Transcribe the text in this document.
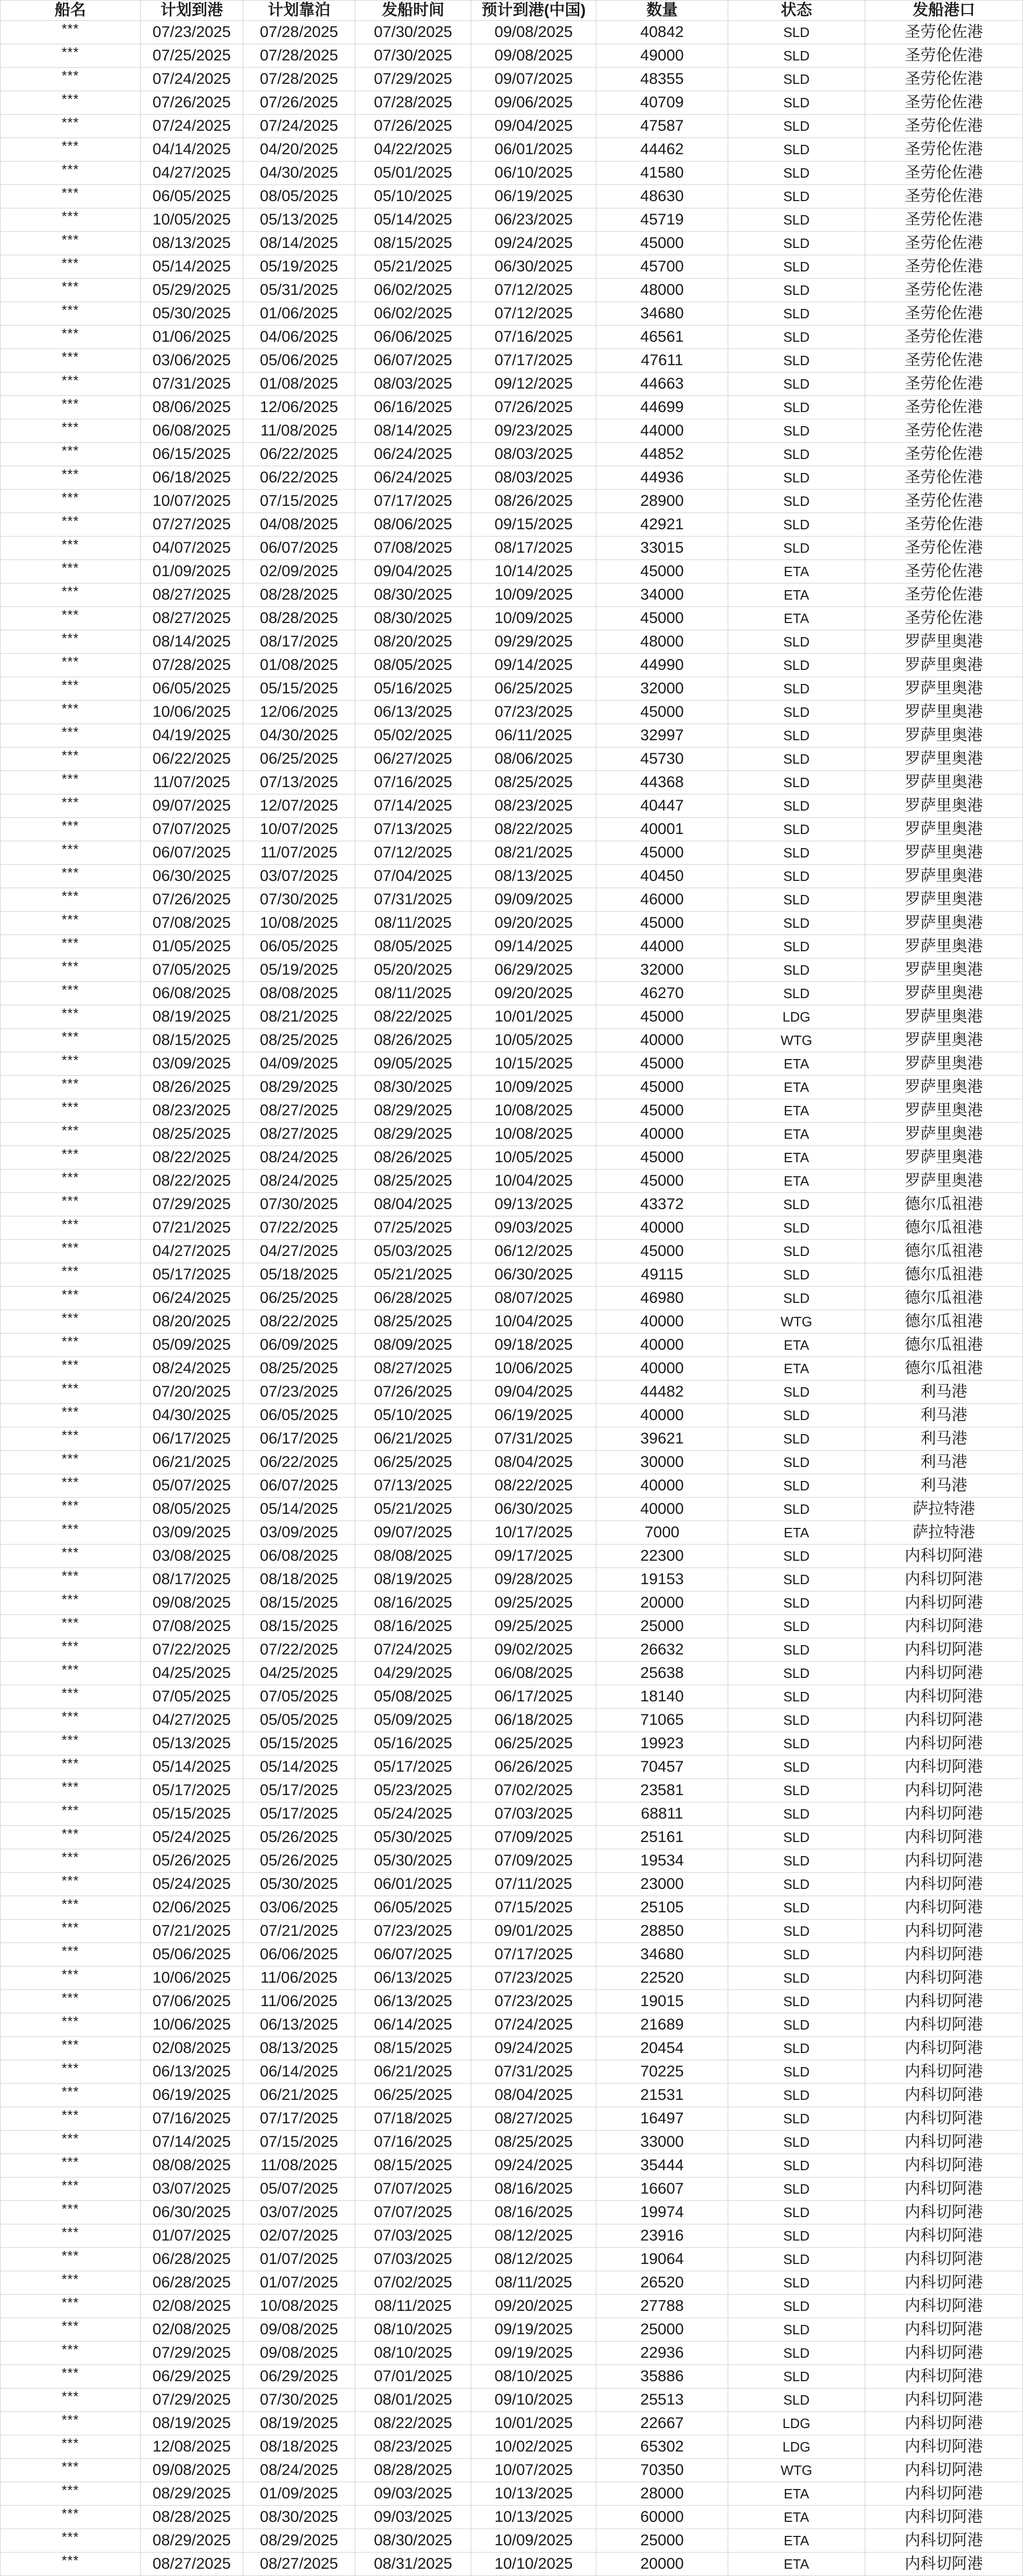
船名	计划到港	计划靠泊	发船时间	预计到港(中国)	数量	状态	发船港口
***	07/23/2025	07/28/2025	07/30/2025	09/08/2025	40842	SLD	圣劳伦佐港
***	07/25/2025	07/28/2025	07/30/2025	09/08/2025	49000	SLD	圣劳伦佐港
***	07/24/2025	07/28/2025	07/29/2025	09/07/2025	48355	SLD	圣劳伦佐港
***	07/26/2025	07/26/2025	07/28/2025	09/06/2025	40709	SLD	圣劳伦佐港
***	07/24/2025	07/24/2025	07/26/2025	09/04/2025	47587	SLD	圣劳伦佐港
***	04/14/2025	04/20/2025	04/22/2025	06/01/2025	44462	SLD	圣劳伦佐港
***	04/27/2025	04/30/2025	05/01/2025	06/10/2025	41580	SLD	圣劳伦佐港
***	06/05/2025	08/05/2025	05/10/2025	06/19/2025	48630	SLD	圣劳伦佐港
***	10/05/2025	05/13/2025	05/14/2025	06/23/2025	45719	SLD	圣劳伦佐港
***	08/13/2025	08/14/2025	08/15/2025	09/24/2025	45000	SLD	圣劳伦佐港
***	05/14/2025	05/19/2025	05/21/2025	06/30/2025	45700	SLD	圣劳伦佐港
***	05/29/2025	05/31/2025	06/02/2025	07/12/2025	48000	SLD	圣劳伦佐港
***	05/30/2025	01/06/2025	06/02/2025	07/12/2025	34680	SLD	圣劳伦佐港
***	01/06/2025	04/06/2025	06/06/2025	07/16/2025	46561	SLD	圣劳伦佐港
***	03/06/2025	05/06/2025	06/07/2025	07/17/2025	47611	SLD	圣劳伦佐港
***	07/31/2025	01/08/2025	08/03/2025	09/12/2025	44663	SLD	圣劳伦佐港
***	08/06/2025	12/06/2025	06/16/2025	07/26/2025	44699	SLD	圣劳伦佐港
***	06/08/2025	11/08/2025	08/14/2025	09/23/2025	44000	SLD	圣劳伦佐港
***	06/15/2025	06/22/2025	06/24/2025	08/03/2025	44852	SLD	圣劳伦佐港
***	06/18/2025	06/22/2025	06/24/2025	08/03/2025	44936	SLD	圣劳伦佐港
***	10/07/2025	07/15/2025	07/17/2025	08/26/2025	28900	SLD	圣劳伦佐港
***	07/27/2025	04/08/2025	08/06/2025	09/15/2025	42921	SLD	圣劳伦佐港
***	04/07/2025	06/07/2025	07/08/2025	08/17/2025	33015	SLD	圣劳伦佐港
***	01/09/2025	02/09/2025	09/04/2025	10/14/2025	45000	ETA	圣劳伦佐港
***	08/27/2025	08/28/2025	08/30/2025	10/09/2025	34000	ETA	圣劳伦佐港
***	08/27/2025	08/28/2025	08/30/2025	10/09/2025	45000	ETA	圣劳伦佐港
***	08/14/2025	08/17/2025	08/20/2025	09/29/2025	48000	SLD	罗萨里奥港
***	07/28/2025	01/08/2025	08/05/2025	09/14/2025	44990	SLD	罗萨里奥港
***	06/05/2025	05/15/2025	05/16/2025	06/25/2025	32000	SLD	罗萨里奥港
***	10/06/2025	12/06/2025	06/13/2025	07/23/2025	45000	SLD	罗萨里奥港
***	04/19/2025	04/30/2025	05/02/2025	06/11/2025	32997	SLD	罗萨里奥港
***	06/22/2025	06/25/2025	06/27/2025	08/06/2025	45730	SLD	罗萨里奥港
***	11/07/2025	07/13/2025	07/16/2025	08/25/2025	44368	SLD	罗萨里奥港
***	09/07/2025	12/07/2025	07/14/2025	08/23/2025	40447	SLD	罗萨里奥港
***	07/07/2025	10/07/2025	07/13/2025	08/22/2025	40001	SLD	罗萨里奥港
***	06/07/2025	11/07/2025	07/12/2025	08/21/2025	45000	SLD	罗萨里奥港
***	06/30/2025	03/07/2025	07/04/2025	08/13/2025	40450	SLD	罗萨里奥港
***	07/26/2025	07/30/2025	07/31/2025	09/09/2025	46000	SLD	罗萨里奥港
***	07/08/2025	10/08/2025	08/11/2025	09/20/2025	45000	SLD	罗萨里奥港
***	01/05/2025	06/05/2025	08/05/2025	09/14/2025	44000	SLD	罗萨里奥港
***	07/05/2025	05/19/2025	05/20/2025	06/29/2025	32000	SLD	罗萨里奥港
***	06/08/2025	08/08/2025	08/11/2025	09/20/2025	46270	SLD	罗萨里奥港
***	08/19/2025	08/21/2025	08/22/2025	10/01/2025	45000	LDG	罗萨里奥港
***	08/15/2025	08/25/2025	08/26/2025	10/05/2025	40000	WTG	罗萨里奥港
***	03/09/2025	04/09/2025	09/05/2025	10/15/2025	45000	ETA	罗萨里奥港
***	08/26/2025	08/29/2025	08/30/2025	10/09/2025	45000	ETA	罗萨里奥港
***	08/23/2025	08/27/2025	08/29/2025	10/08/2025	45000	ETA	罗萨里奥港
***	08/25/2025	08/27/2025	08/29/2025	10/08/2025	40000	ETA	罗萨里奥港
***	08/22/2025	08/24/2025	08/26/2025	10/05/2025	45000	ETA	罗萨里奥港
***	08/22/2025	08/24/2025	08/25/2025	10/04/2025	45000	ETA	罗萨里奥港
***	07/29/2025	07/30/2025	08/04/2025	09/13/2025	43372	SLD	德尔瓜祖港
***	07/21/2025	07/22/2025	07/25/2025	09/03/2025	40000	SLD	德尔瓜祖港
***	04/27/2025	04/27/2025	05/03/2025	06/12/2025	45000	SLD	德尔瓜祖港
***	05/17/2025	05/18/2025	05/21/2025	06/30/2025	49115	SLD	德尔瓜祖港
***	06/24/2025	06/25/2025	06/28/2025	08/07/2025	46980	SLD	德尔瓜祖港
***	08/20/2025	08/22/2025	08/25/2025	10/04/2025	40000	WTG	德尔瓜祖港
***	05/09/2025	06/09/2025	08/09/2025	09/18/2025	40000	ETA	德尔瓜祖港
***	08/24/2025	08/25/2025	08/27/2025	10/06/2025	40000	ETA	德尔瓜祖港
***	07/20/2025	07/23/2025	07/26/2025	09/04/2025	44482	SLD	利马港
***	04/30/2025	06/05/2025	05/10/2025	06/19/2025	40000	SLD	利马港
***	06/17/2025	06/17/2025	06/21/2025	07/31/2025	39621	SLD	利马港
***	06/21/2025	06/22/2025	06/25/2025	08/04/2025	30000	SLD	利马港
***	05/07/2025	06/07/2025	07/13/2025	08/22/2025	40000	SLD	利马港
***	08/05/2025	05/14/2025	05/21/2025	06/30/2025	40000	SLD	萨拉特港
***	03/09/2025	03/09/2025	09/07/2025	10/17/2025	7000	ETA	萨拉特港
***	03/08/2025	06/08/2025	08/08/2025	09/17/2025	22300	SLD	内科切阿港
***	08/17/2025	08/18/2025	08/19/2025	09/28/2025	19153	SLD	内科切阿港
***	09/08/2025	08/15/2025	08/16/2025	09/25/2025	20000	SLD	内科切阿港
***	07/08/2025	08/15/2025	08/16/2025	09/25/2025	25000	SLD	内科切阿港
***	07/22/2025	07/22/2025	07/24/2025	09/02/2025	26632	SLD	内科切阿港
***	04/25/2025	04/25/2025	04/29/2025	06/08/2025	25638	SLD	内科切阿港
***	07/05/2025	07/05/2025	05/08/2025	06/17/2025	18140	SLD	内科切阿港
***	04/27/2025	05/05/2025	05/09/2025	06/18/2025	71065	SLD	内科切阿港
***	05/13/2025	05/15/2025	05/16/2025	06/25/2025	19923	SLD	内科切阿港
***	05/14/2025	05/14/2025	05/17/2025	06/26/2025	70457	SLD	内科切阿港
***	05/17/2025	05/17/2025	05/23/2025	07/02/2025	23581	SLD	内科切阿港
***	05/15/2025	05/17/2025	05/24/2025	07/03/2025	68811	SLD	内科切阿港
***	05/24/2025	05/26/2025	05/30/2025	07/09/2025	25161	SLD	内科切阿港
***	05/26/2025	05/26/2025	05/30/2025	07/09/2025	19534	SLD	内科切阿港
***	05/24/2025	05/30/2025	06/01/2025	07/11/2025	23000	SLD	内科切阿港
***	02/06/2025	03/06/2025	06/05/2025	07/15/2025	25105	SLD	内科切阿港
***	07/21/2025	07/21/2025	07/23/2025	09/01/2025	28850	SLD	内科切阿港
***	05/06/2025	06/06/2025	06/07/2025	07/17/2025	34680	SLD	内科切阿港
***	10/06/2025	11/06/2025	06/13/2025	07/23/2025	22520	SLD	内科切阿港
***	07/06/2025	11/06/2025	06/13/2025	07/23/2025	19015	SLD	内科切阿港
***	10/06/2025	06/13/2025	06/14/2025	07/24/2025	21689	SLD	内科切阿港
***	02/08/2025	08/13/2025	08/15/2025	09/24/2025	20454	SLD	内科切阿港
***	06/13/2025	06/14/2025	06/21/2025	07/31/2025	70225	SLD	内科切阿港
***	06/19/2025	06/21/2025	06/25/2025	08/04/2025	21531	SLD	内科切阿港
***	07/16/2025	07/17/2025	07/18/2025	08/27/2025	16497	SLD	内科切阿港
***	07/14/2025	07/15/2025	07/16/2025	08/25/2025	33000	SLD	内科切阿港
***	08/08/2025	11/08/2025	08/15/2025	09/24/2025	35444	SLD	内科切阿港
***	03/07/2025	05/07/2025	07/07/2025	08/16/2025	16607	SLD	内科切阿港
***	06/30/2025	03/07/2025	07/07/2025	08/16/2025	19974	SLD	内科切阿港
***	01/07/2025	02/07/2025	07/03/2025	08/12/2025	23916	SLD	内科切阿港
***	06/28/2025	01/07/2025	07/03/2025	08/12/2025	19064	SLD	内科切阿港
***	06/28/2025	01/07/2025	07/02/2025	08/11/2025	26520	SLD	内科切阿港
***	02/08/2025	10/08/2025	08/11/2025	09/20/2025	27788	SLD	内科切阿港
***	02/08/2025	09/08/2025	08/10/2025	09/19/2025	25000	SLD	内科切阿港
***	07/29/2025	09/08/2025	08/10/2025	09/19/2025	22936	SLD	内科切阿港
***	06/29/2025	06/29/2025	07/01/2025	08/10/2025	35886	SLD	内科切阿港
***	07/29/2025	07/30/2025	08/01/2025	09/10/2025	25513	SLD	内科切阿港
***	08/19/2025	08/19/2025	08/22/2025	10/01/2025	22667	LDG	内科切阿港
***	12/08/2025	08/18/2025	08/23/2025	10/02/2025	65302	LDG	内科切阿港
***	09/08/2025	08/24/2025	08/28/2025	10/07/2025	70350	WTG	内科切阿港
***	08/29/2025	01/09/2025	09/03/2025	10/13/2025	28000	ETA	内科切阿港
***	08/28/2025	08/30/2025	09/03/2025	10/13/2025	60000	ETA	内科切阿港
***	08/29/2025	08/29/2025	08/30/2025	10/09/2025	25000	ETA	内科切阿港
***	08/27/2025	08/27/2025	08/31/2025	10/10/2025	20000	ETA	内科切阿港
